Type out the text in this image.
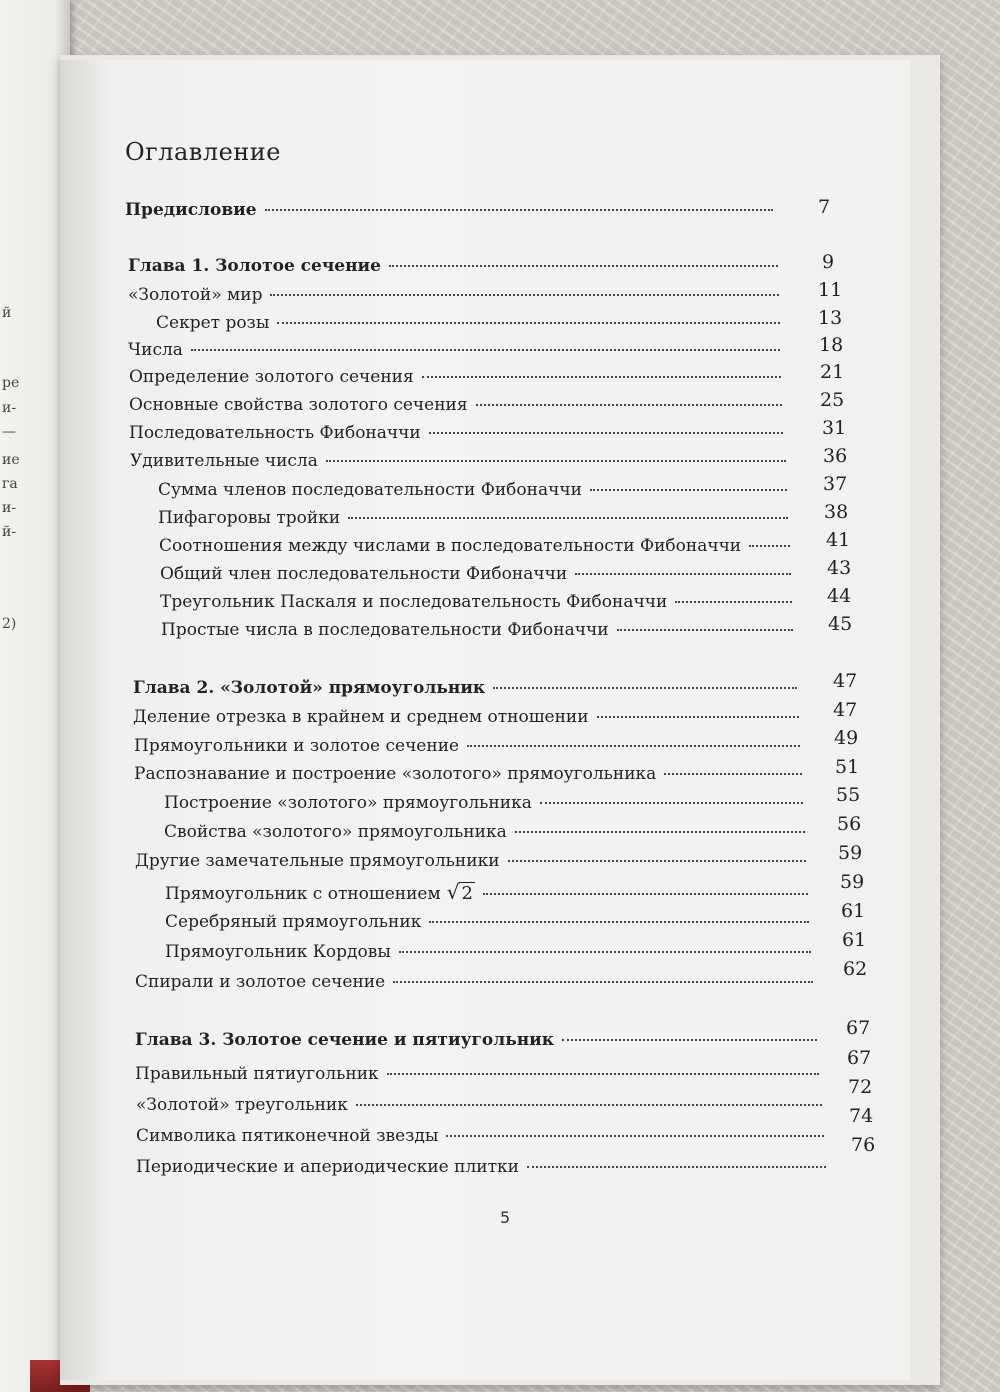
й
ре
и-
—
ие
га
и-
й-
2)
Оглавление
Предисловие
Глава 1. Золотое сечение
«Золотой» мир
Секрет розы
Числа
Определение золотого сечения
Основные свойства золотого сечения
Последовательность Фибоначчи
Удивительные числа
Сумма членов последовательности Фибоначчи
Пифагоровы тройки
Соотношения между числами в последовательности Фибоначчи
Общий член последовательности Фибоначчи
Треугольник Паскаля и последовательность Фибоначчи
Простые числа в последовательности Фибоначчи
Глава 2. «Золотой» прямоугольник
Деление отрезка в крайнем и среднем отношении
Прямоугольники и золотое сечение
Распознавание и построение «золотого» прямоугольника
Построение «золотого» прямоугольника
Свойства «золотого» прямоугольника
Другие замечательные прямоугольники
Прямоугольник с отношением √ 2
Серебряный прямоугольник
Прямоугольник Кордовы
Спирали и золотое сечение
Глава 3. Золотое сечение и пятиугольник
Правильный пятиугольник
«Золотой» треугольник
Символика пятиконечной звезды
Периодические и апериодические плитки
7
9
11
13
18
21
25
31
36
37
38
41
43
44
45
47
47
49
51
55
56
59
59
61
61
62
67
67
72
74
76
5
